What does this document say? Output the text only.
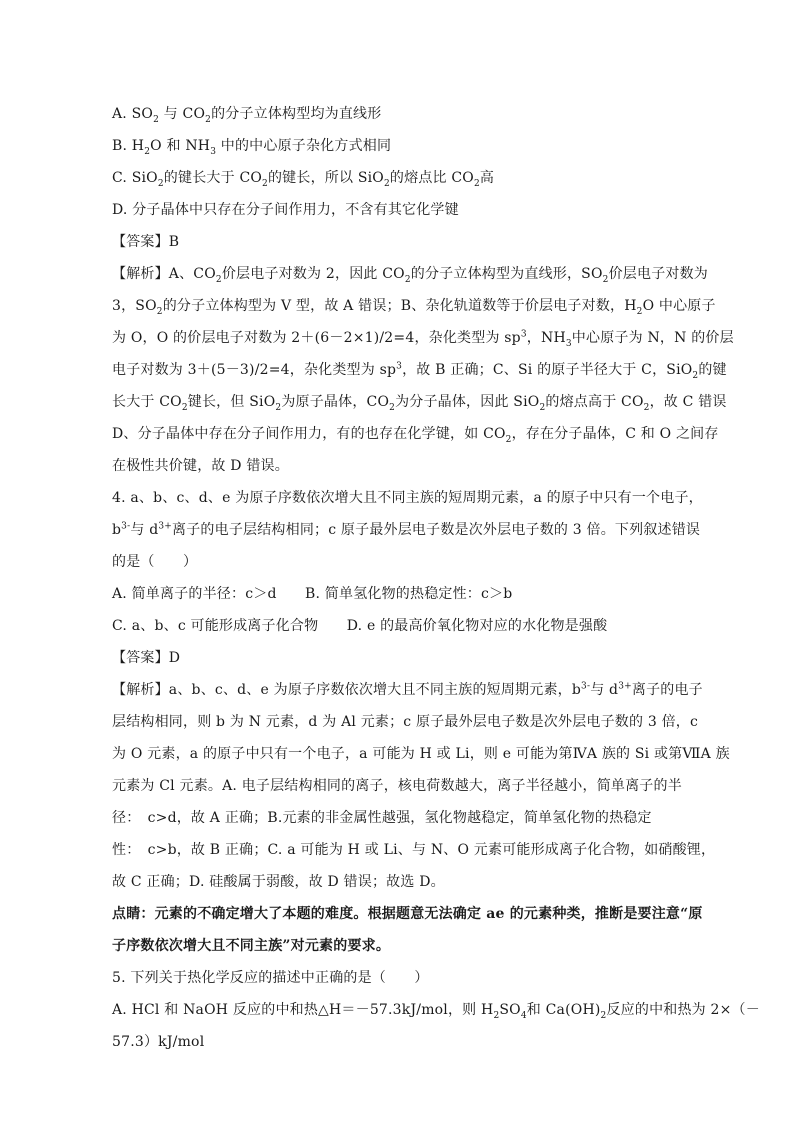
A. $SO_2$ 与 $CO_2$的分子立体构型均为直线形
B. $H_2O$ 和 $NH_3$ 中的中心原子杂化方式相同
C. SiO$_2$的键长大于 $CO_2$的键长，所以 SiO$_2$的熔点比 $CO_2$高
D. 分子晶体中只存在分子间作用力，不含有其它化学键
【答案】B
【解析】A、$CO_2$价层电子对数为 2，因此 $CO_2$的分子立体构型为直线形，$SO_2$价层电子对数为
3，$SO_2$的分子立体构型为 V 型，故 A 错误；B、杂化轨道数等于价层电子对数，$H_2O$ 中心原子
为 O，O 的价层电子对数为 2＋(6－2×1)/2=4，杂化类型为 $sp^3$，$NH_3$中心原子为 N，N 的价层
电子对数为 3＋(5－3)/2=4，杂化类型为 $sp^3$，故 B 正确；C、Si 的原子半径大于 C，SiO$_2$的键
长大于 $CO_2$键长，但 SiO$_2$为原子晶体，$CO_2$为分子晶体，因此 SiO$_2$的熔点高于 $CO_2$，故 C 错误
D、分子晶体中存在分子间作用力，有的也存在化学键，如 $CO_2$，存在分子晶体，C 和 O 之间存
在极性共价键，故 D 错误。
4. a、b、c、d、e 为原子序数依次增大且不同主族的短周期元素，a 的原子中只有一个电子，
$b^{3-}$与 $d^{3+}$离子的电子层结构相同；c 原子最外层电子数是次外层电子数的 3 倍。下列叙述错误
的是（　　）
A. 简单离子的半径：c＞d　　B. 简单氢化物的热稳定性：c＞b
C. a、b、c 可能形成离子化合物　　D. e 的最高价氧化物对应的水化物是强酸
【答案】D
【解析】a、b、c、d、e 为原子序数依次增大且不同主族的短周期元素，$b^{3-}$与 $d^{3+}$离子的电子
层结构相同，则 b 为 N 元素，d 为 Al 元素；c 原子最外层电子数是次外层电子数的 3 倍，c
为 O 元素，a 的原子中只有一个电子，a 可能为 H 或 Li，则 e 可能为第ⅣA 族的 Si 或第ⅦA 族
元素为 Cl 元素。A. 电子层结构相同的离子，核电荷数越大，离子半径越小，简单离子的半
径：　c>d，故 A 正确；B.元素的非金属性越强，氢化物越稳定，简单氢化物的热稳定
性：　c>b，故 B 正确；C. a 可能为 H 或 Li、与 N、O 元素可能形成离子化合物，如硝酸锂，
故 C 正确；D. 硅酸属于弱酸，故 D 错误；故选 D。
点睛：元素的不确定增大了本题的难度。根据题意无法确定 ae 的元素种类，推断是要注意“原
子序数依次增大且不同主族”对元素的要求。
5. 下列关于热化学反应的描述中正确的是（　　）
A. HCl 和 NaOH 反应的中和热△H＝－57.3kJ/mol，则 $H_2SO_4$和 $Ca(OH)_2$反应的中和热为 2×（－
57.3）kJ/mol
